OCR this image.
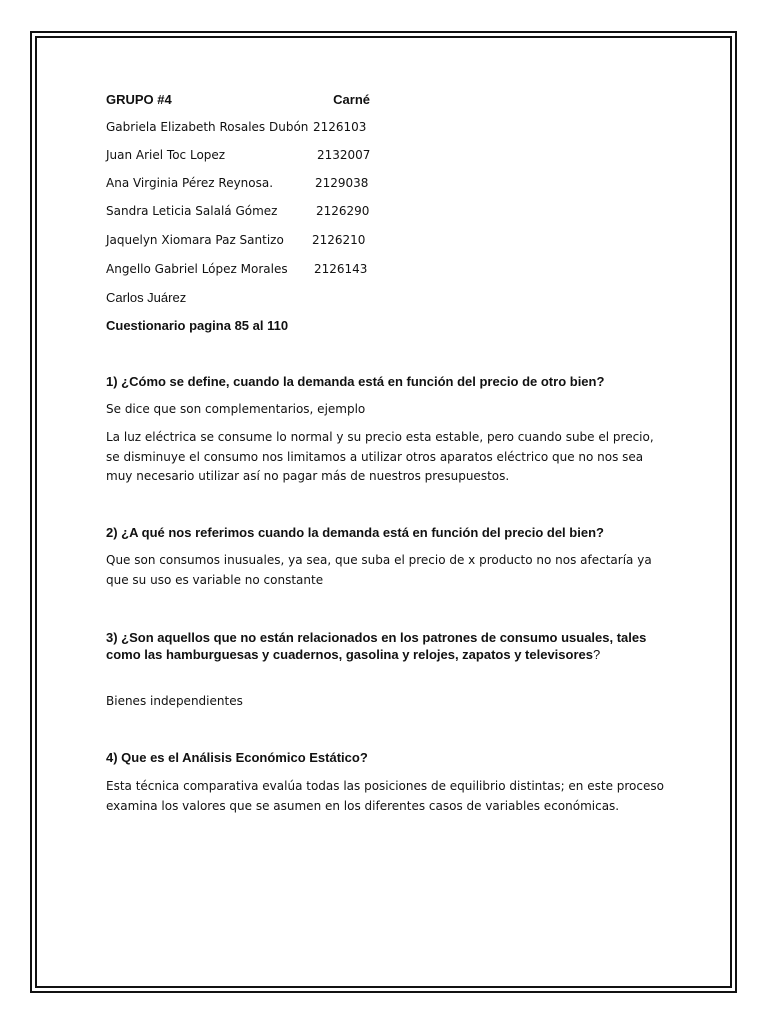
GRUPO #4	Carné
Gabriela Elizabeth Rosales Dubón 2126103
Juan Ariel Toc Lopez	2132007
Ana Virginia Pérez Reynosa.	2129038
Sandra Leticia Salalá Gómez	2126290
Jaquelyn Xiomara Paz Santizo 2126210
Angello Gabriel López Morales 2126143
Carlos Juárez
Cuestionario pagina 85 al 110
1) ¿Cómo se define, cuando la demanda está en función del precio de otro bien?
Se dice que son complementarios, ejemplo
La luz eléctrica se consume lo normal y su precio esta estable, pero cuando sube el precio, se disminuye el consumo nos limitamos a utilizar otros aparatos eléctrico que no nos sea muy necesario utilizar así no pagar más de nuestros presupuestos.
2) ¿A qué nos referimos cuando la demanda está en función del precio del bien?
Que son consumos inusuales, ya sea, que suba el precio de x producto no nos afectaría ya que su uso es variable no constante
3) ¿Son aquellos que no están relacionados en los patrones de consumo usuales, tales como las hamburguesas y cuadernos, gasolina y relojes, zapatos y televisores?
Bienes independientes
4) Que es el Análisis Económico Estático?
Esta técnica comparativa evalúa todas las posiciones de equilibrio distintas; en este proceso examina los valores que se asumen en los diferentes casos de variables económicas.
